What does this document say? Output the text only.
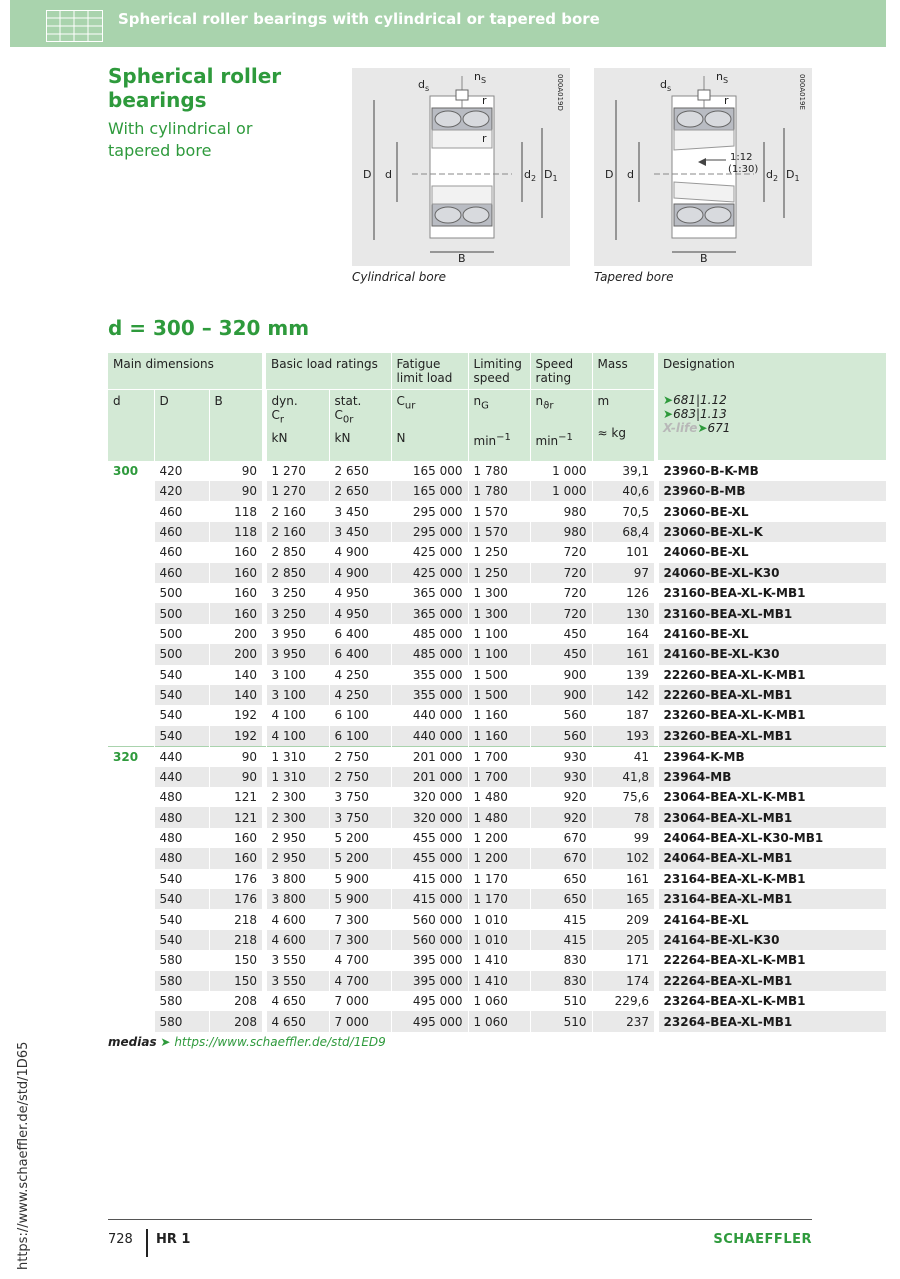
Spherical roller bearings with cylindrical or tapered bore
Spherical roller bearings
With cylindrical or tapered bore
$d_s$
$n_S$
r
r
D d	$d_2$ $D_1$
B
000A019D
Cylindrical bore
$d_s$
$n_S$
r
1:12
(1:30)
D d	$d_2$ $D_1$
B
000A019E
Tapered bore
d = 300 – 320 mm
Main dimensions				Basic load ratings		Fatigue limit load	Limiting speed	Speed rating	Mass		Designation
➤681|1.12
➤683|1.13
X-life➤671

d	D	B		dyn.
$C_r$
kN	stat.
$C_{0r}$
kN	$C_{ur}$
N	$n_G$
$\min^{-1}$	$n_{ϑr}$
$\min^{-1}$	m
≈ kg		

300	420	90		1 270	2 650	165 000	1 780	1 000	39,1		23960-B-K-MB
	420	90		1 270	2 650	165 000	1 780	1 000	40,6		23960-B-MB
	460	118		2 160	3 450	295 000	1 570	980	70,5		23060-BE-XL
	460	118		2 160	3 450	295 000	1 570	980	68,4		23060-BE-XL-K
	460	160		2 850	4 900	425 000	1 250	720	101		24060-BE-XL
	460	160		2 850	4 900	425 000	1 250	720	97		24060-BE-XL-K30
	500	160		3 250	4 950	365 000	1 300	720	126		23160-BEA-XL-K-MB1
	500	160		3 250	4 950	365 000	1 300	720	130		23160-BEA-XL-MB1
	500	200		3 950	6 400	485 000	1 100	450	164		24160-BE-XL
	500	200		3 950	6 400	485 000	1 100	450	161		24160-BE-XL-K30
	540	140		3 100	4 250	355 000	1 500	900	139		22260-BEA-XL-K-MB1
	540	140		3 100	4 250	355 000	1 500	900	142		22260-BEA-XL-MB1
	540	192		4 100	6 100	440 000	1 160	560	187		23260-BEA-XL-K-MB1
	540	192		4 100	6 100	440 000	1 160	560	193		23260-BEA-XL-MB1
320	440	90		1 310	2 750	201 000	1 700	930	41		23964-K-MB
	440	90		1 310	2 750	201 000	1 700	930	41,8		23964-MB
	480	121		2 300	3 750	320 000	1 480	920	75,6		23064-BEA-XL-K-MB1
	480	121		2 300	3 750	320 000	1 480	920	78		23064-BEA-XL-MB1
	480	160		2 950	5 200	455 000	1 200	670	99		24064-BEA-XL-K30-MB1
	480	160		2 950	5 200	455 000	1 200	670	102		24064-BEA-XL-MB1
	540	176		3 800	5 900	415 000	1 170	650	161		23164-BEA-XL-K-MB1
	540	176		3 800	5 900	415 000	1 170	650	165		23164-BEA-XL-MB1
	540	218		4 600	7 300	560 000	1 010	415	209		24164-BE-XL
	540	218		4 600	7 300	560 000	1 010	415	205		24164-BE-XL-K30
	580	150		3 550	4 700	395 000	1 410	830	171		22264-BEA-XL-K-MB1
	580	150		3 550	4 700	395 000	1 410	830	174		22264-BEA-XL-MB1
	580	208		4 650	7 000	495 000	1 060	510	229,6		23264-BEA-XL-K-MB1
	580	208		4 650	7 000	495 000	1 060	510	237		23264-BEA-XL-MB1
medias ➤ https://www.schaeffler.de/std/1ED9
https://www.schaeffler.de/std/1D65	728 HR 1	SCHAEFFLER
